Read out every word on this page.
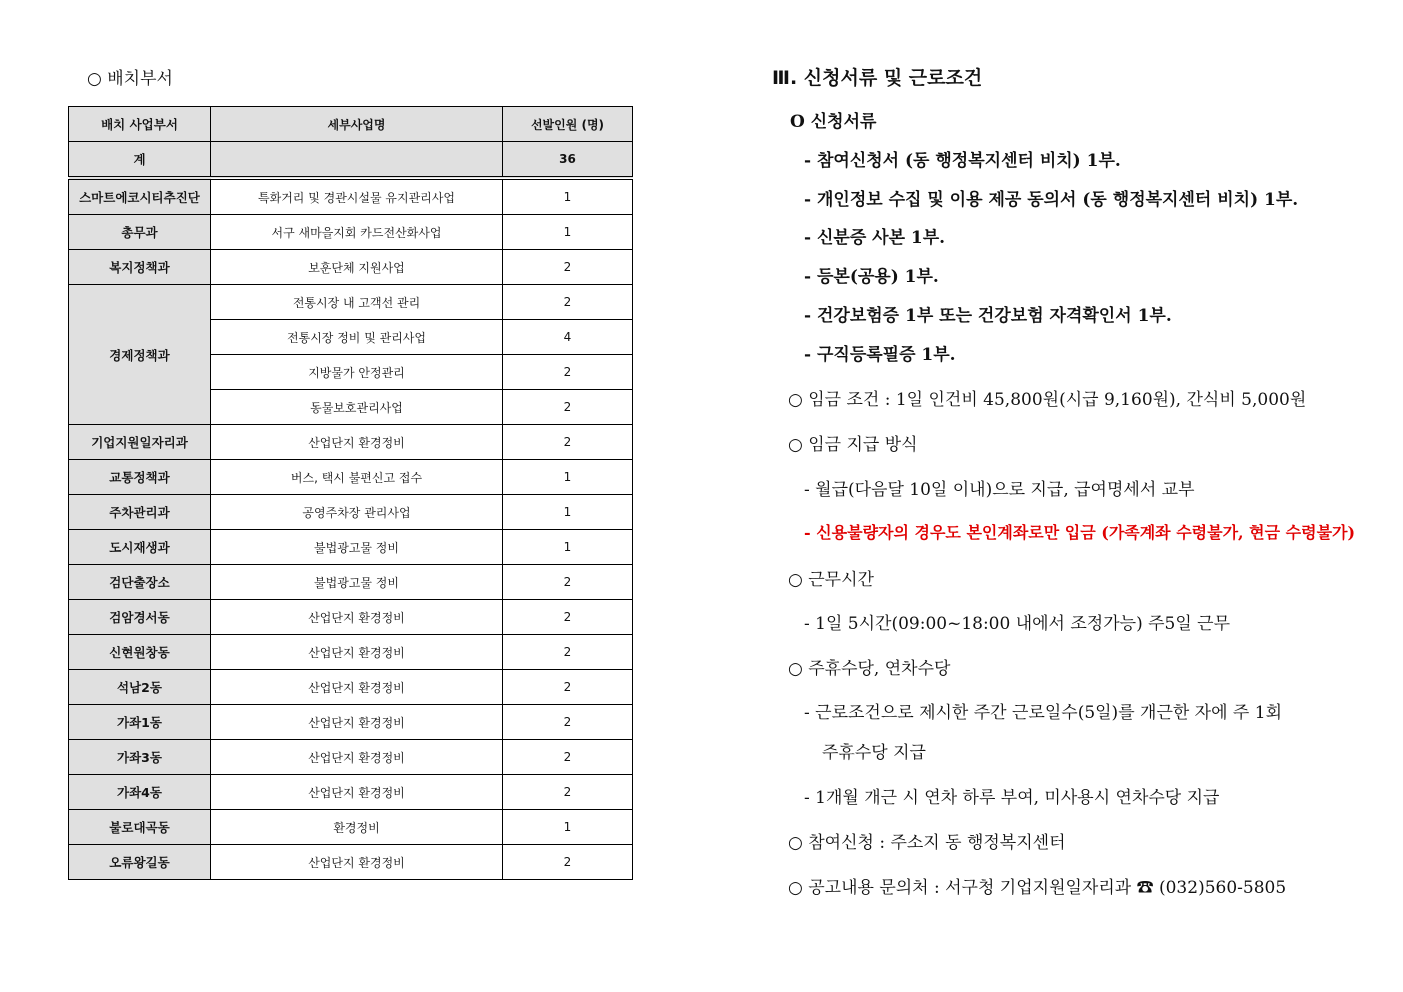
○ 배치부서
배치 사업부서	세부사업명	선발인원 (명)
계		36
스마트에코시티추진단	특화거리 및 경관시설물 유지관리사업	1
총무과	서구 새마을지회 카드전산화사업	1
복지정책과	보훈단체 지원사업	2
경제정책과	전통시장 내 고객선 관리	2
	전통시장 정비 및 관리사업	4
	지방물가 안정관리	2
	동물보호관리사업	2
기업지원일자리과	산업단지 환경정비	2
교통정책과	버스, 택시 불편신고 접수	1
주차관리과	공영주차장 관리사업	1
도시재생과	불법광고물 정비	1
검단출장소	불법광고물 정비	2
검암경서동	산업단지 환경정비	2
신현원창동	산업단지 환경정비	2
석남2동	산업단지 환경정비	2
가좌1동	산업단지 환경정비	2
가좌3동	산업단지 환경정비	2
가좌4동	산업단지 환경정비	2
불로대곡동	환경정비	1
오류왕길동	산업단지 환경정비	2
Ⅲ. 신청서류 및 근로조건
O 신청서류
- 참여신청서 (동 행정복지센터 비치) 1부.
- 개인정보 수집 및 이용 제공 동의서 (동 행정복지센터 비치) 1부.
- 신분증 사본 1부.
- 등본(공용) 1부.
- 건강보험증 1부 또는 건강보험 자격확인서 1부.
- 구직등록필증 1부.
○ 임금 조건 : 1일 인건비 45,800원(시급 9,160원), 간식비 5,000원
○ 임금 지급 방식
- 월급(다음달 10일 이내)으로 지급, 급여명세서 교부
- 신용불량자의 경우도 본인계좌로만 입금 (가족계좌 수령불가, 현금 수령불가)
○ 근무시간
- 1일 5시간(09:00~18:00 내에서 조정가능) 주5일 근무
○ 주휴수당, 연차수당
- 근로조건으로 제시한 주간 근로일수(5일)를 개근한 자에 주 1회
주휴수당 지급
- 1개월 개근 시 연차 하루 부여, 미사용시 연차수당 지급
○ 참여신청 : 주소지 동 행정복지센터
○ 공고내용 문의처 : 서구청 기업지원일자리과 ☎ (032)560-5805
